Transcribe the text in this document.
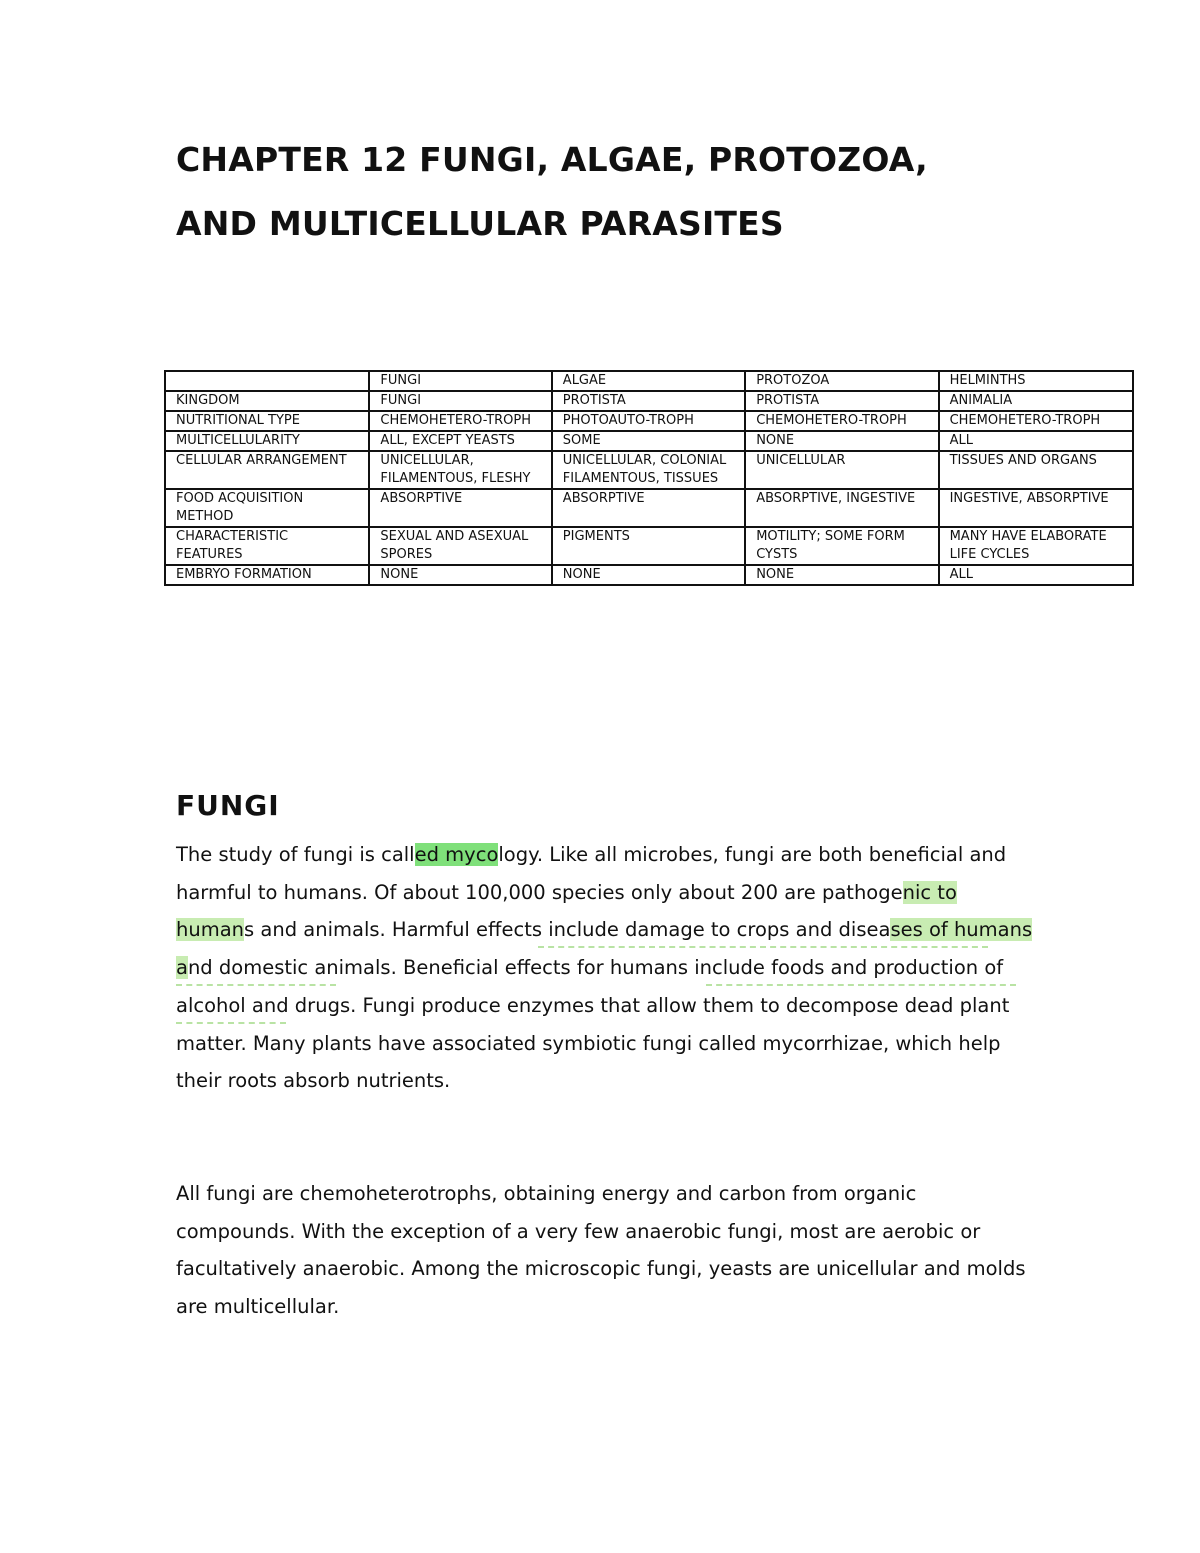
CHAPTER 12 FUNGI, ALGAE, PROTOZOA,
AND MULTICELLULAR PARASITES
	FUNGI	ALGAE	PROTOZOA	HELMINTHS
KINGDOM	FUNGI	PROTISTA	PROTISTA	ANIMALIA
NUTRITIONAL TYPE	CHEMOHETERO-TROPH	PHOTOAUTO-TROPH	CHEMOHETERO-TROPH	CHEMOHETERO-TROPH
MULTICELLULARITY	ALL, EXCEPT YEASTS	SOME	NONE	ALL
CELLULAR ARRANGEMENT	UNICELLULAR, FILAMENTOUS, FLESHY	UNICELLULAR, COLONIAL FILAMENTOUS, TISSUES	UNICELLULAR	TISSUES AND ORGANS
FOOD ACQUISITION METHOD	ABSORPTIVE	ABSORPTIVE	ABSORPTIVE, INGESTIVE	INGESTIVE, ABSORPTIVE
CHARACTERISTIC FEATURES	SEXUAL AND ASEXUAL SPORES	PIGMENTS	MOTILITY; SOME FORM CYSTS	MANY HAVE ELABORATE LIFE CYCLES
EMBRYO FORMATION	NONE	NONE	NONE	ALL
FUNGI

The study of fungi is called mycology. Like all microbes, fungi are both beneficial and harmful to humans. Of about 100,000 species only about 200 are pathogenic to humans and animals. Harmful effects include damage to crops and diseases of humans and domestic animals. Beneficial effects for humans include foods and production of alcohol and drugs. Fungi produce enzymes that allow them to decompose dead plant matter. Many plants have associated symbiotic fungi called mycorrhizae, which help their roots absorb nutrients.

All fungi are chemoheterotrophs, obtaining energy and carbon from organic compounds. With the exception of a very few anaerobic fungi, most are aerobic or facultatively anaerobic. Among the microscopic fungi, yeasts are unicellular and molds are multicellular.
